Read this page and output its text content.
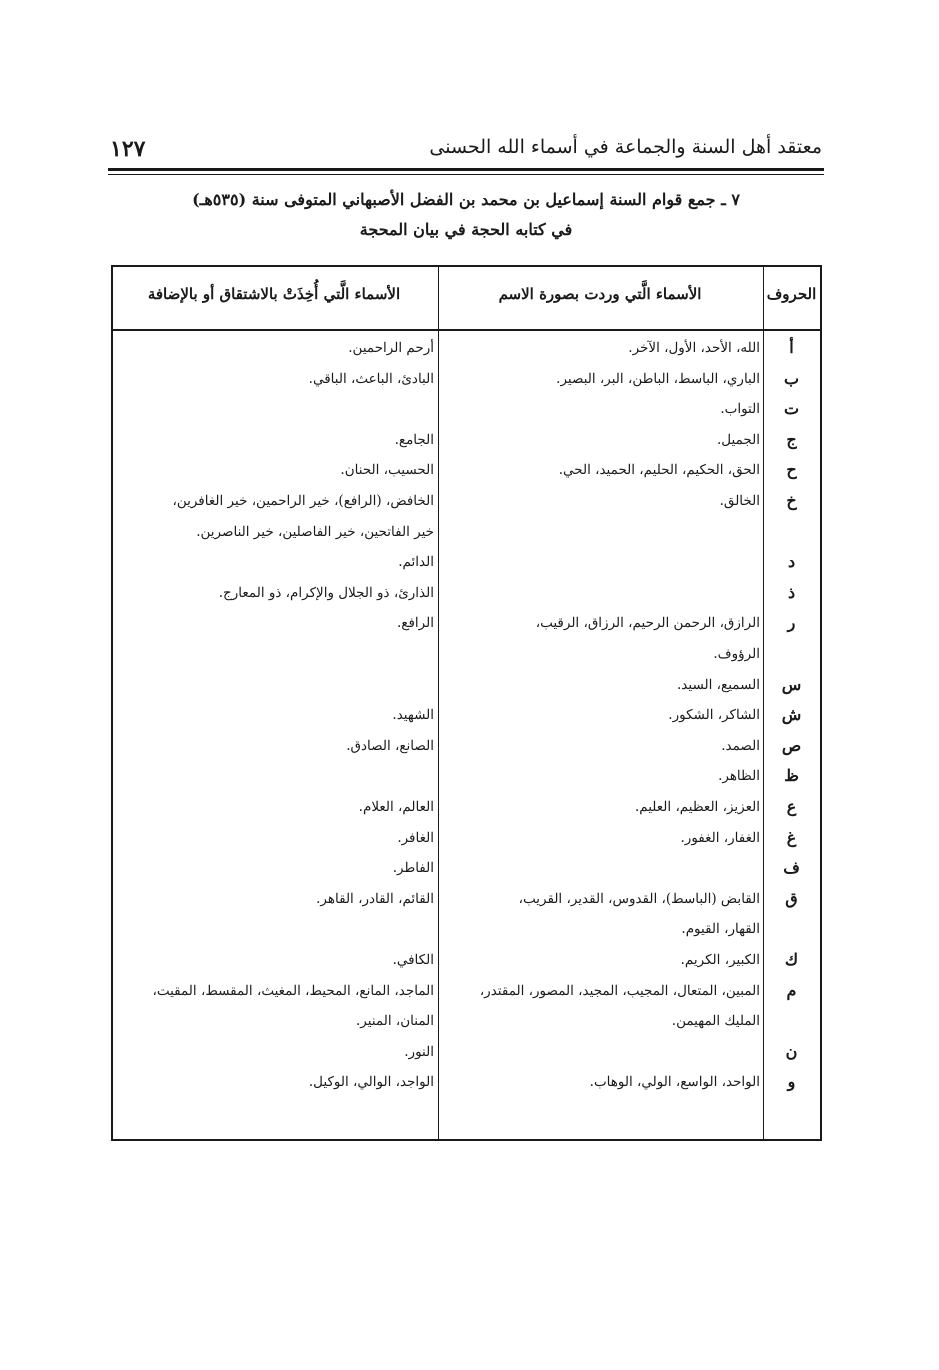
معتقد أهل السنة والجماعة في أسماء الله الحسنى
١٢٧
٧ ـ جمع قوام السنة إسماعيل بن محمد بن الفضل الأصبهاني المتوفى سنة (٥٣٥هـ)
في كتابه الحجة في بيان المحجة
الحروف
الأسماء الَّتي وردت بصورة الاسم
الأسماء الَّتي أُخِذَتْ بالاشتقاق أو بالإضافة
أ
الله، الأحد، الأول، الآخر.
أرحم الراحمين.
ب
الباري، الباسط، الباطن، البر، البصير.
البادئ، الباعث، الباقي.
ت
التواب.
ج
الجميل.
الجامع.
ح
الحق، الحكيم، الحليم، الحميد، الحي.
الحسيب، الحنان.
خ
الخالق.
الخافض، (الرافع)، خير الراحمين، خير الغافرين،
خير الفاتحين، خير الفاصلين، خير الناصرين.
د
الدائم.
ذ
الذارئ، ذو الجلال والإكرام، ذو المعارج.
ر
الرازق، الرحمن الرحيم، الرزاق، الرقيب،
الرافع.
الرؤوف.
س
السميع، السيد.
ش
الشاكر، الشكور.
الشهيد.
ص
الصمد.
الصانع، الصادق.
ظ
الظاهر.
ع
العزيز، العظيم، العليم.
العالم، العلام.
غ
الغفار، الغفور.
الغافر.
ف
الفاطر.
ق
القابض (الباسط)، القدوس، القدير، القريب،
القائم، القادر، القاهر.
القهار، القيوم.
ك
الكبير، الكريم.
الكافي.
م
المبين، المتعال، المجيب، المجيد، المصور، المقتدر،
الماجد، المانع، المحيط، المغيث، المقسط، المقيت،
المليك المهيمن.
المنان، المنير.
ن
النور.
و
الواحد، الواسع، الولي، الوهاب.
الواجد، الوالي، الوكيل.
